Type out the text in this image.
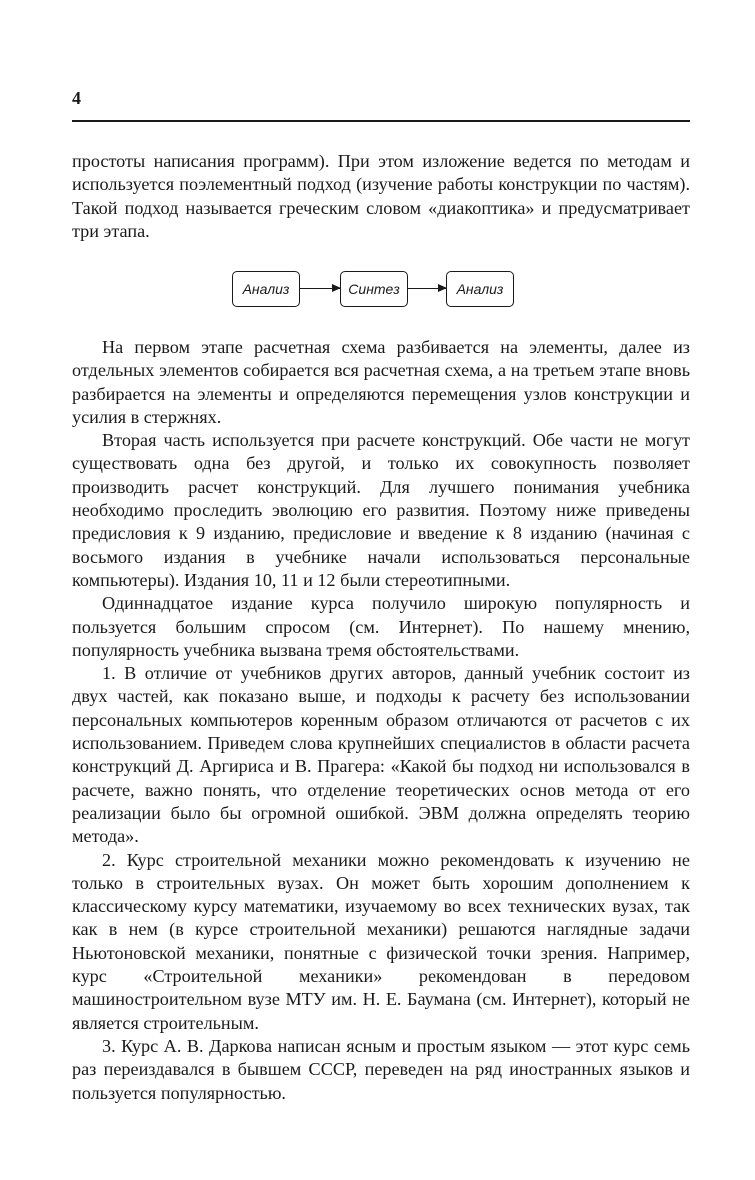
4

простоты написания программ). При этом изложение ведется по методам и используется поэлементный подход (изучение работы конструкции по частям). Такой подход называется греческим словом «диакоптика» и предусматривает три этапа.

Анализ	Синтез	Анализ

На первом этапе расчетная схема разбивается на элементы, далее из отдельных элементов собирается вся расчетная схема, а на третьем этапе вновь разбирается на элементы и определяются перемещения узлов конструкции и усилия в стержнях.

Вторая часть используется при расчете конструкций. Обе части не могут существовать одна без другой, и только их совокупность позволяет производить расчет конструкций. Для лучшего понимания учебника необходимо проследить эволюцию его развития. Поэтому ниже приведены предисловия к 9 изданию, предисловие и введение к 8 изданию (начиная с восьмого издания в учебнике начали использоваться персональные компьютеры). Издания 10, 11 и 12 были стереотипными.

Одиннадцатое издание курса получило широкую популярность и пользуется большим спросом (см. Интернет). По нашему мнению, популярность учебника вызвана тремя обстоятельствами.

1. В отличие от учебников других авторов, данный учебник состоит из двух частей, как показано выше, и подходы к расчету без использовании персональных компьютеров коренным образом отличаются от расчетов с их использованием. Приведем слова крупнейших специалистов в области расчета конструкций Д. Аргириса и В. Прагера: «Какой бы подход ни использовался в расчете, важно понять, что отделение теоретических основ метода от его реализации было бы огромной ошибкой. ЭВМ должна определять теорию метода».

2. Курс строительной механики можно рекомендовать к изучению не только в строительных вузах. Он может быть хорошим дополнением к классическому курсу математики, изучаемому во всех технических вузах, так как в нем (в курсе строительной механики) решаются наглядные задачи Ньютоновской механики, понятные с физической точки зрения. Например, курс «Строительной механики» рекомендован в передовом машиностроительном вузе МТУ им. Н. Е. Баумана (см. Интернет), который не является строительным.

3. Курс А. В. Даркова написан ясным и простым языком — этот курс семь раз переиздавался в бывшем СССР, переведен на ряд иностранных языков и пользуется популярностью.
